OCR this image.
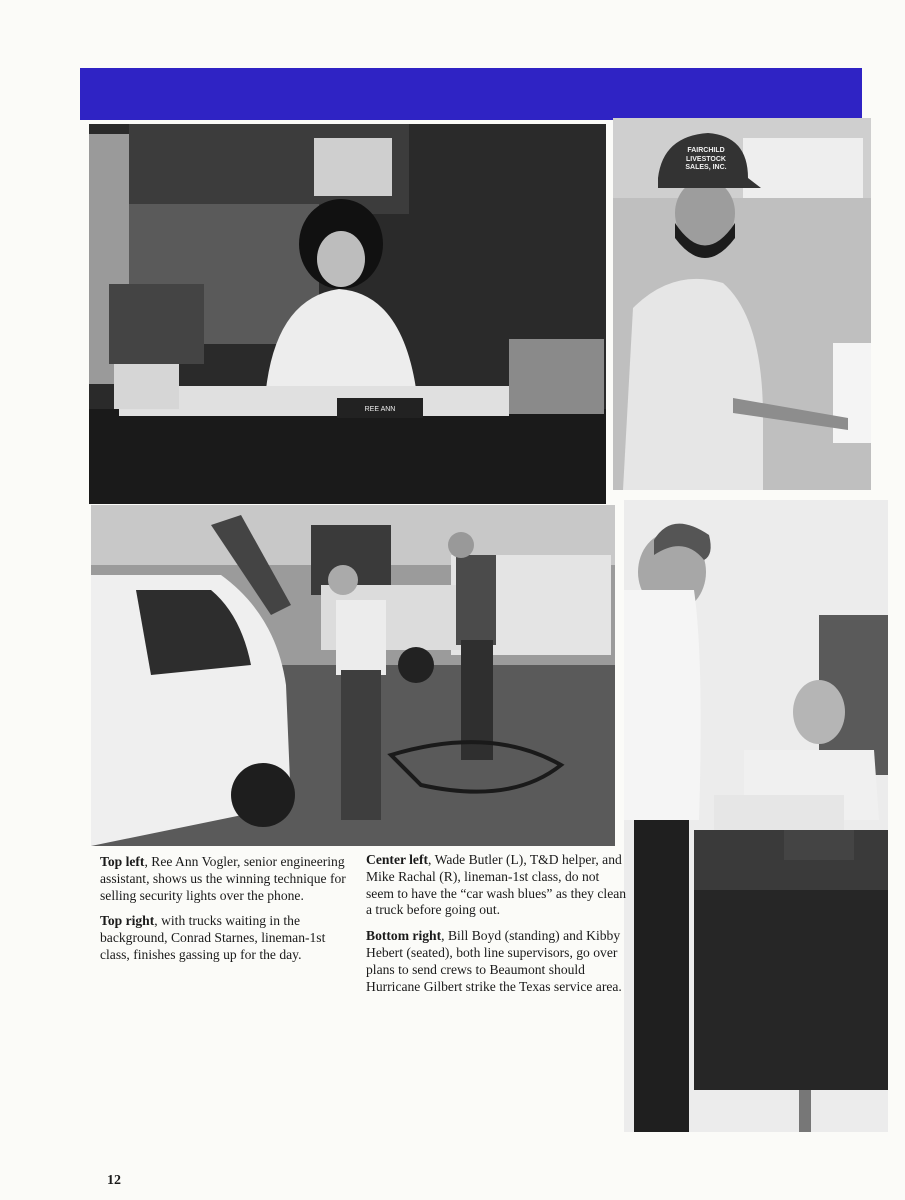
REE ANN
FAIRCHILD
LIVESTOCK
SALES, INC.

Top left, Ree Ann Vogler, senior engineering assistant, shows us the winning technique for selling security lights over the phone.

Top right, with trucks waiting in the background, Conrad Starnes, lineman-1st class, finishes gassing up for the day.

Center left, Wade Butler (L), T&D helper, and Mike Rachal (R), lineman-1st class, do not seem to have the “car wash blues” as they clean a truck before going out.

Bottom right, Bill Boyd (standing) and Kibby Hebert (seated), both line supervisors, go over plans to send crews to Beaumont should Hurricane Gilbert strike the Texas service area.

12
